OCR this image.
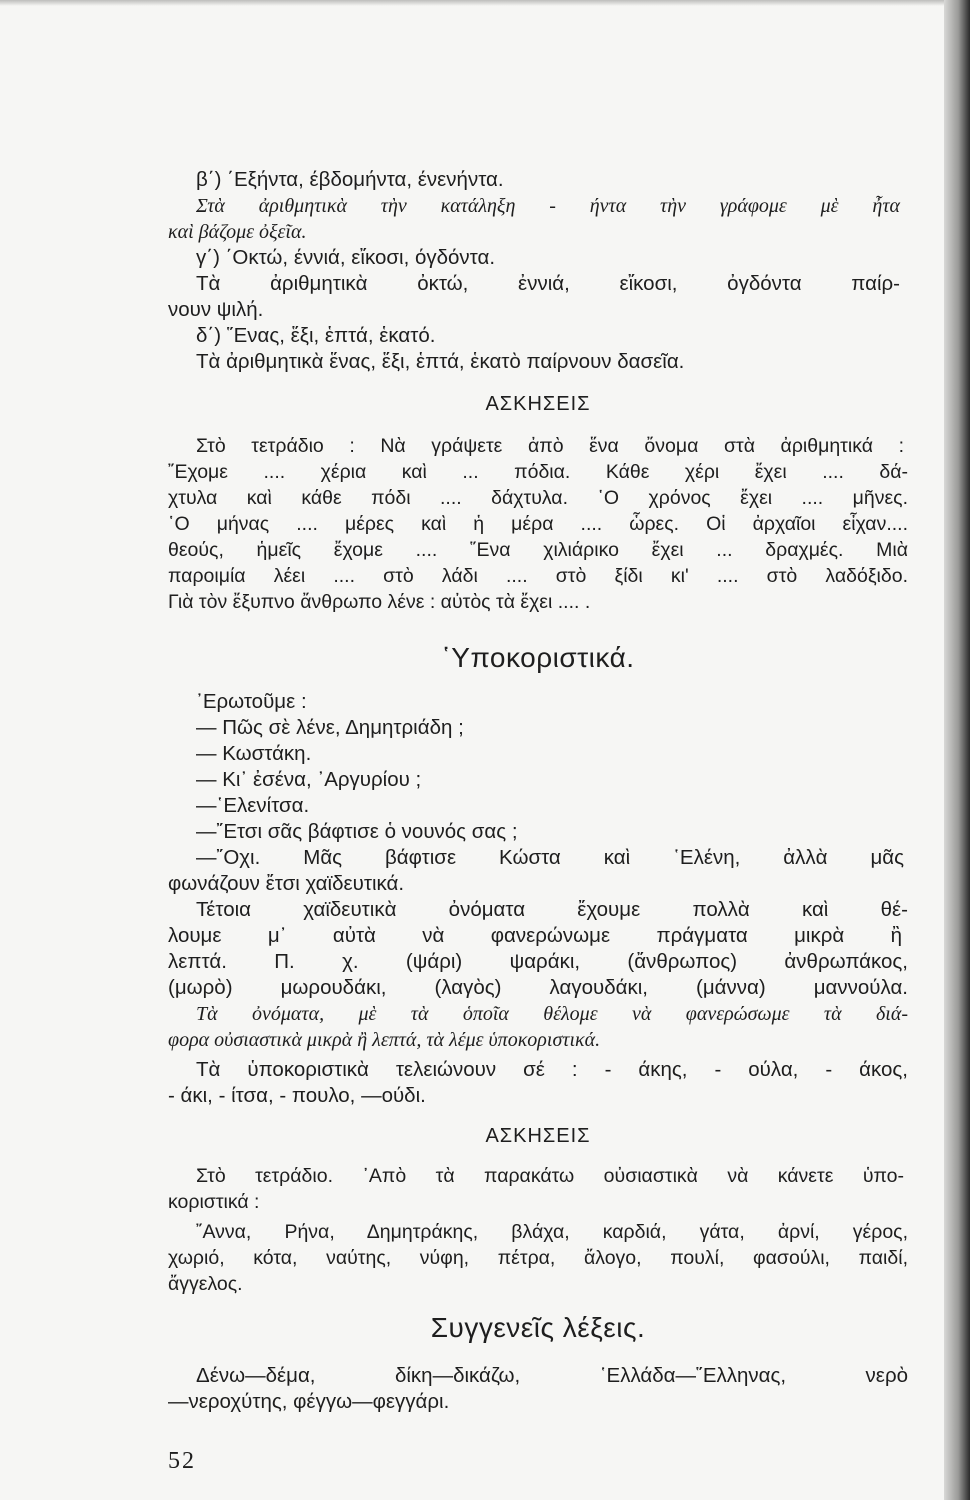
β΄) ΄Εξήντα, έβδομήντα, ένενήντα.
Στὰ ἀριθμητικὰ τὴν κατάληξη - ήντα τὴν γράφομε μὲ ἦτα
καὶ βάζομε ὀξεῖα.
γ΄) ΄Οκτώ, έννιά, εἴκοσι, όγδόντα.
Τὰ ἀριθμητικὰ ὀκτώ, ἐννιά, εἴκοσι, ὀγδόντα παίρ-
νουν ψιλή.
δ΄) ῞Ενας, ἕξι, ἑπτά, ἑκατό.
Τὰ ἀριθμητικὰ ἕνας, ἕξι, ἑπτά, ἑκατὸ παίρνουν δασεῖα.
ΑΣΚΗΣΕΙΣ
Στὸ τετράδιο : Νὰ γράψετε ἀπὸ ἕνα ὄνομα στὰ ἀριθμητικά :
῎Εχομε .... χέρια καὶ ... πόδια. Κάθε χέρι ἔχει .... δά-
χτυλα καὶ κάθε πόδι .... δάχτυλα. ῾Ο χρόνος ἔχει .... μῆνες.
῾Ο μήνας .... μέρες καὶ ἡ μέρα .... ὧρες. Οἱ ἀρχαῖοι εἶχαν....
θεούς, ἡμεῖς ἔχομε .... ῞Ενα χιλιάρικο ἔχει ... δραχμές. Μιὰ
παροιμία λέει .... στὸ λάδι .... στὸ ξίδι κι' .... στὸ λαδόξιδο.
Γιὰ τὸν ἔξυπνο ἄνθρωπο λένε : αὐτὸς τὰ ἔχει .... .
῾Υποκοριστικά.
᾽Ερωτοῦμε :
— Πῶς σὲ λένε, Δημητριάδη ;
— Κωστάκη.
— Κι᾽ ἐσένα, ᾽Αργυρίου ;
—῾Ελενίτσα.
—῎Ετσι σᾶς βάφτισε ὁ νουνός σας ;
—῎Οχι. Μᾶς βάφτισε Κώστα καὶ ῾Ελένη, ἀλλὰ μᾶς
φωνάζουν ἔτσι χαϊδευτικά.
Τέτοια χαϊδευτικὰ ὀνόματα ἔχουμε πολλὰ καὶ θέ-
λουμε μ᾽ αὐτὰ νὰ φανερώνωμε πράγματα μικρὰ ἢ
λεπτά. Π. χ. (ψάρι) ψαράκι, (ἄνθρωπος) ἀνθρωπάκος,
(μωρὸ) μωρουδάκι, (λαγὸς) λαγουδάκι, (μάννα) μαννούλα.
Τὰ ὀνόματα, μὲ τὰ ὁποῖα θέλομε νὰ φανερώσωμε τὰ διά-
φορα οὐσιαστικὰ μικρὰ ἢ λεπτά, τὰ λέμε ὑποκοριστικά.
Τὰ ὑποκοριστικὰ τελειώνουν σέ : - άκης, - ούλα, - άκος,
- άκι, - ίτσα, - πουλο, —ούδι.
ΑΣΚΗΣΕΙΣ
Στὸ τετράδιο. ᾽Απὸ τὰ παρακάτω οὐσιαστικὰ νὰ κάνετε ὑπο-
κοριστικά :
῎Αννα, Ρήνα, Δημητράκης, βλάχα, καρδιά, γάτα, ἀρνί, γέρος,
χωριό, κότα, ναύτης, νύφη, πέτρα, ἄλογο, πουλί, φασούλι, παιδί,
ἄγγελος.
Συγγενεῖς λέξεις.
Δένω—δέμα, δίκη—δικάζω, ῾Ελλάδα—῞Ελληνας, νερὸ
—νεροχύτης, φέγγω—φεγγάρι.
52
